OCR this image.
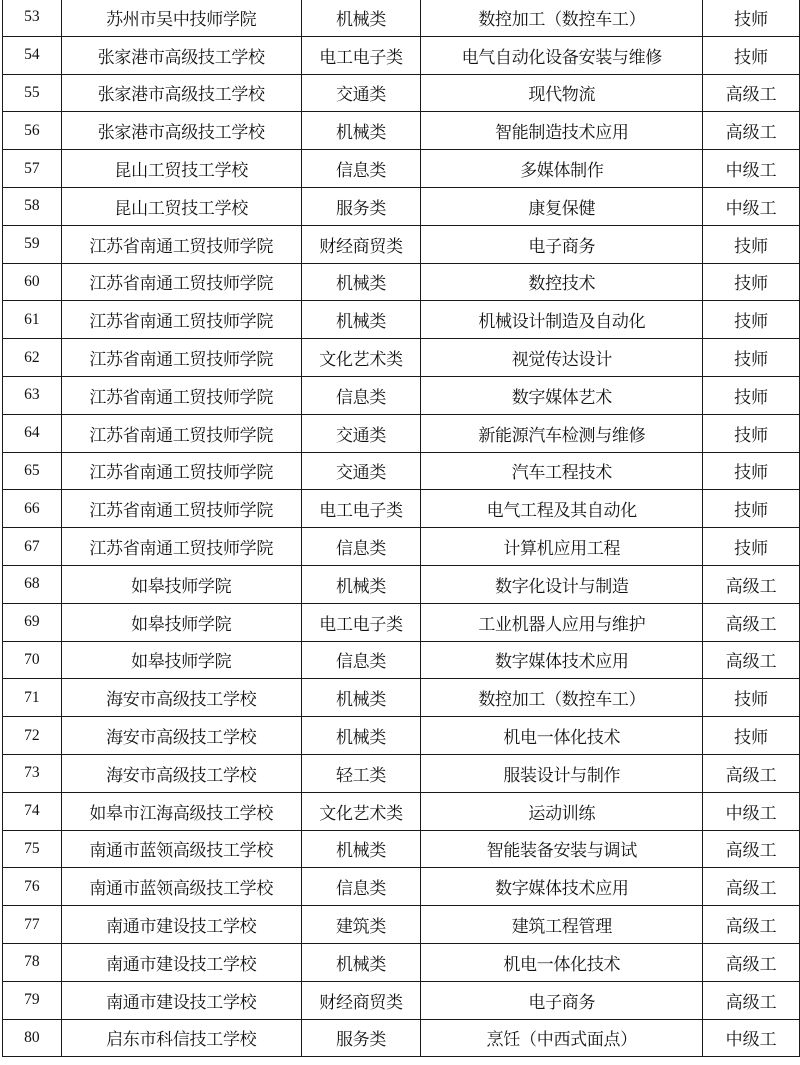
53	苏州市吴中技师学院	机械类	数控加工（数控车工）	技师
54	张家港市高级技工学校	电工电子类	电气自动化设备安装与维修	技师
55	张家港市高级技工学校	交通类	现代物流	高级工
56	张家港市高级技工学校	机械类	智能制造技术应用	高级工
57	昆山工贸技工学校	信息类	多媒体制作	中级工
58	昆山工贸技工学校	服务类	康复保健	中级工
59	江苏省南通工贸技师学院	财经商贸类	电子商务	技师
60	江苏省南通工贸技师学院	机械类	数控技术	技师
61	江苏省南通工贸技师学院	机械类	机械设计制造及自动化	技师
62	江苏省南通工贸技师学院	文化艺术类	视觉传达设计	技师
63	江苏省南通工贸技师学院	信息类	数字媒体艺术	技师
64	江苏省南通工贸技师学院	交通类	新能源汽车检测与维修	技师
65	江苏省南通工贸技师学院	交通类	汽车工程技术	技师
66	江苏省南通工贸技师学院	电工电子类	电气工程及其自动化	技师
67	江苏省南通工贸技师学院	信息类	计算机应用工程	技师
68	如皋技师学院	机械类	数字化设计与制造	高级工
69	如皋技师学院	电工电子类	工业机器人应用与维护	高级工
70	如皋技师学院	信息类	数字媒体技术应用	高级工
71	海安市高级技工学校	机械类	数控加工（数控车工）	技师
72	海安市高级技工学校	机械类	机电一体化技术	技师
73	海安市高级技工学校	轻工类	服装设计与制作	高级工
74	如皋市江海高级技工学校	文化艺术类	运动训练	中级工
75	南通市蓝领高级技工学校	机械类	智能装备安装与调试	高级工
76	南通市蓝领高级技工学校	信息类	数字媒体技术应用	高级工
77	南通市建设技工学校	建筑类	建筑工程管理	高级工
78	南通市建设技工学校	机械类	机电一体化技术	高级工
79	南通市建设技工学校	财经商贸类	电子商务	高级工
80	启东市科信技工学校	服务类	烹饪（中西式面点）	中级工
